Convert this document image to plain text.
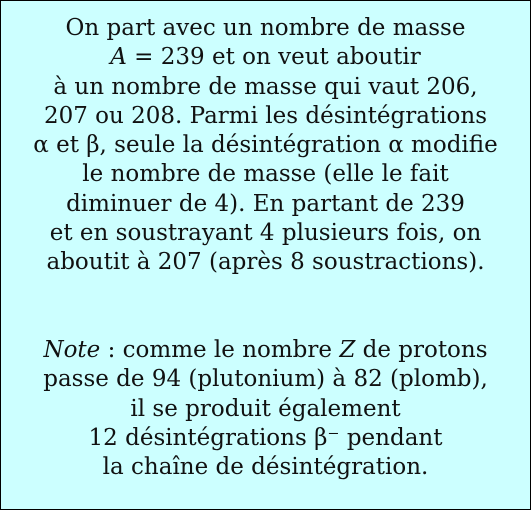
On part avec un nombre de masse
A = 239 et on veut aboutir
à un nombre de masse qui vaut 206,
207 ou 208. Parmi les désintégrations
α et β, seule la désintégration α modifie
le nombre de masse (elle le fait
diminuer de 4). En partant de 239
et en soustrayant 4 plusieurs fois, on
aboutit à 207 (après 8 soustractions).
Note : comme le nombre Z de protons
passe de 94 (plutonium) à 82 (plomb),
il se produit également
12 désintégrations β⁻ pendant
la chaîne de désintégration.
